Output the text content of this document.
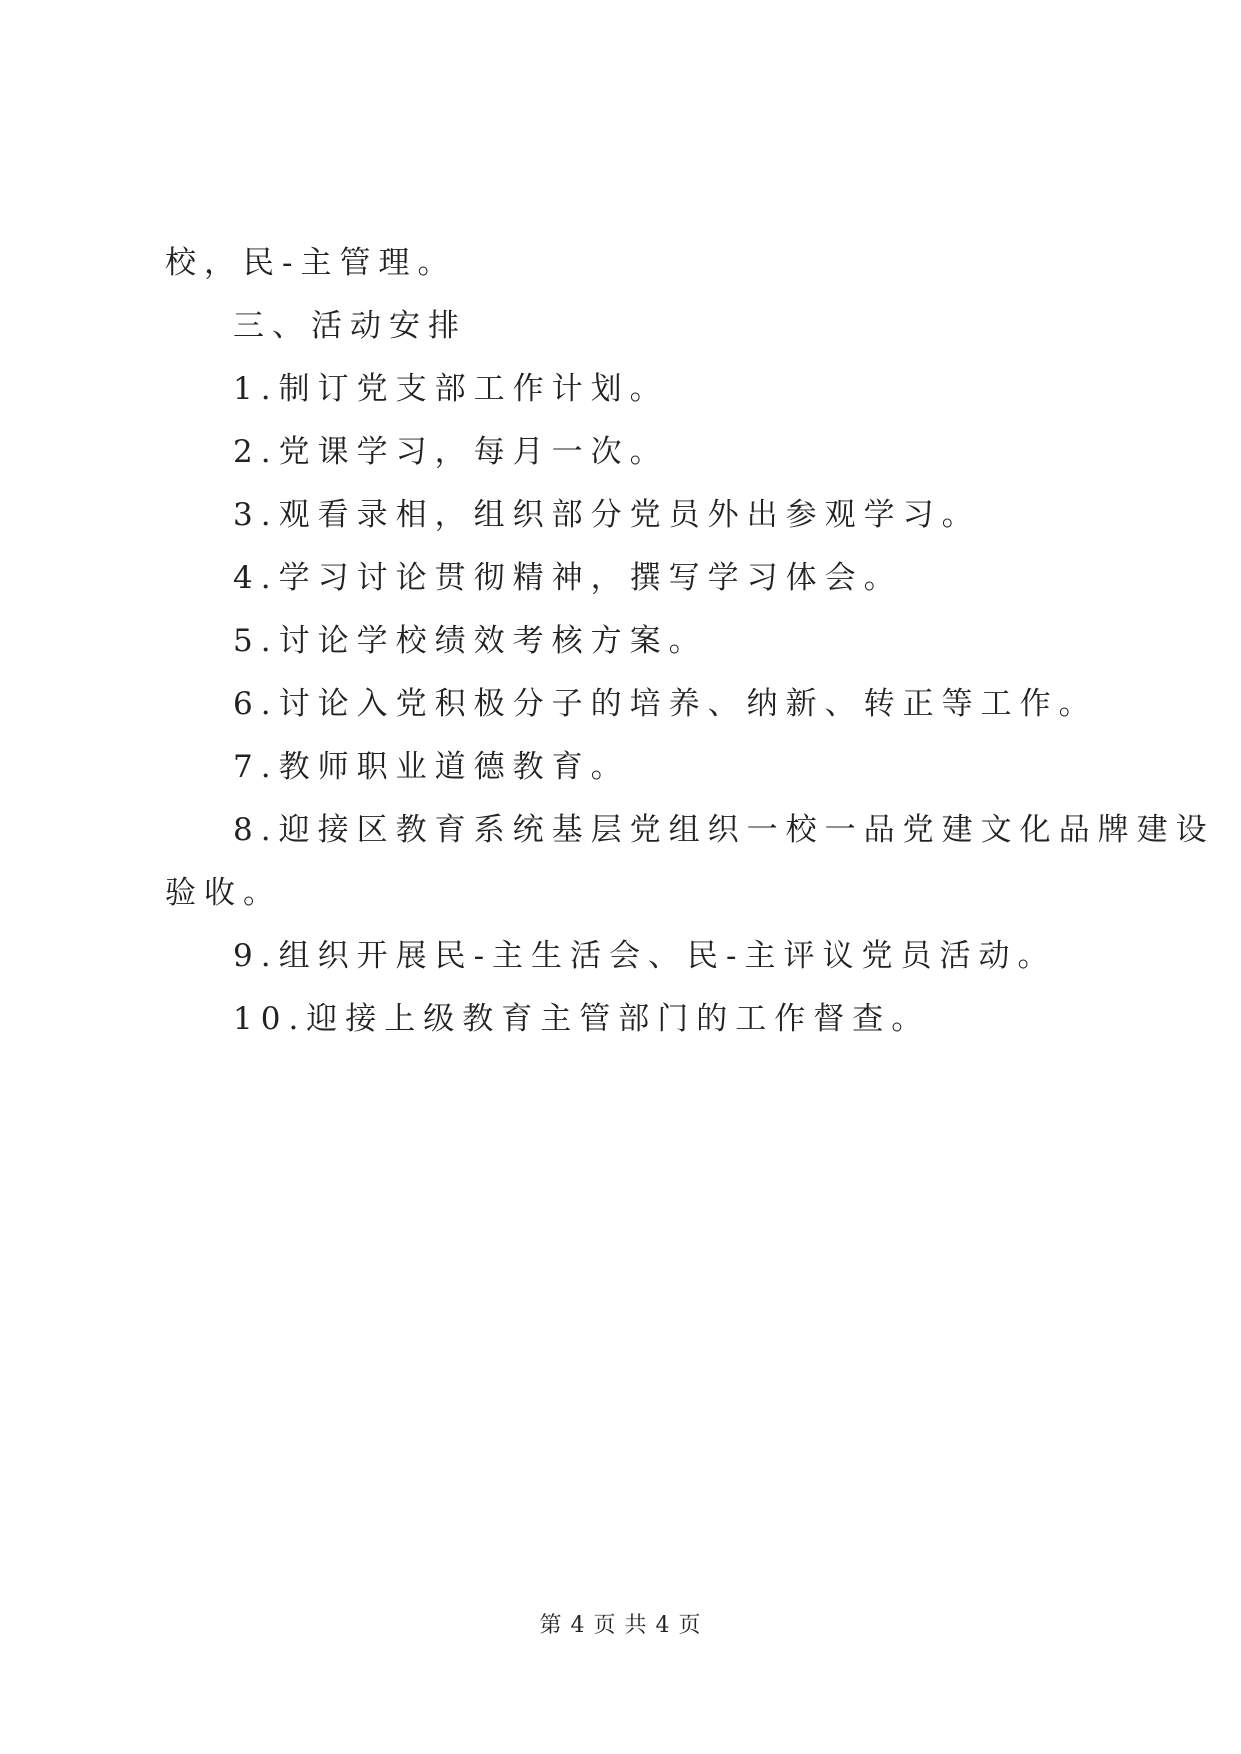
校，民-主管理。
三、活动安排
1.制订党支部工作计划。
2.党课学习，每月一次。
3.观看录相，组织部分党员外出参观学习。
4.学习讨论贯彻精神，撰写学习体会。
5.讨论学校绩效考核方案。
6.讨论入党积极分子的培养、纳新、转正等工作。
7.教师职业道德教育。
8.迎接区教育系统基层党组织一校一品党建文化品牌建设
验收。
9.组织开展民-主生活会、民-主评议党员活动。
10.迎接上级教育主管部门的工作督查。
第 4 页 共 4 页
